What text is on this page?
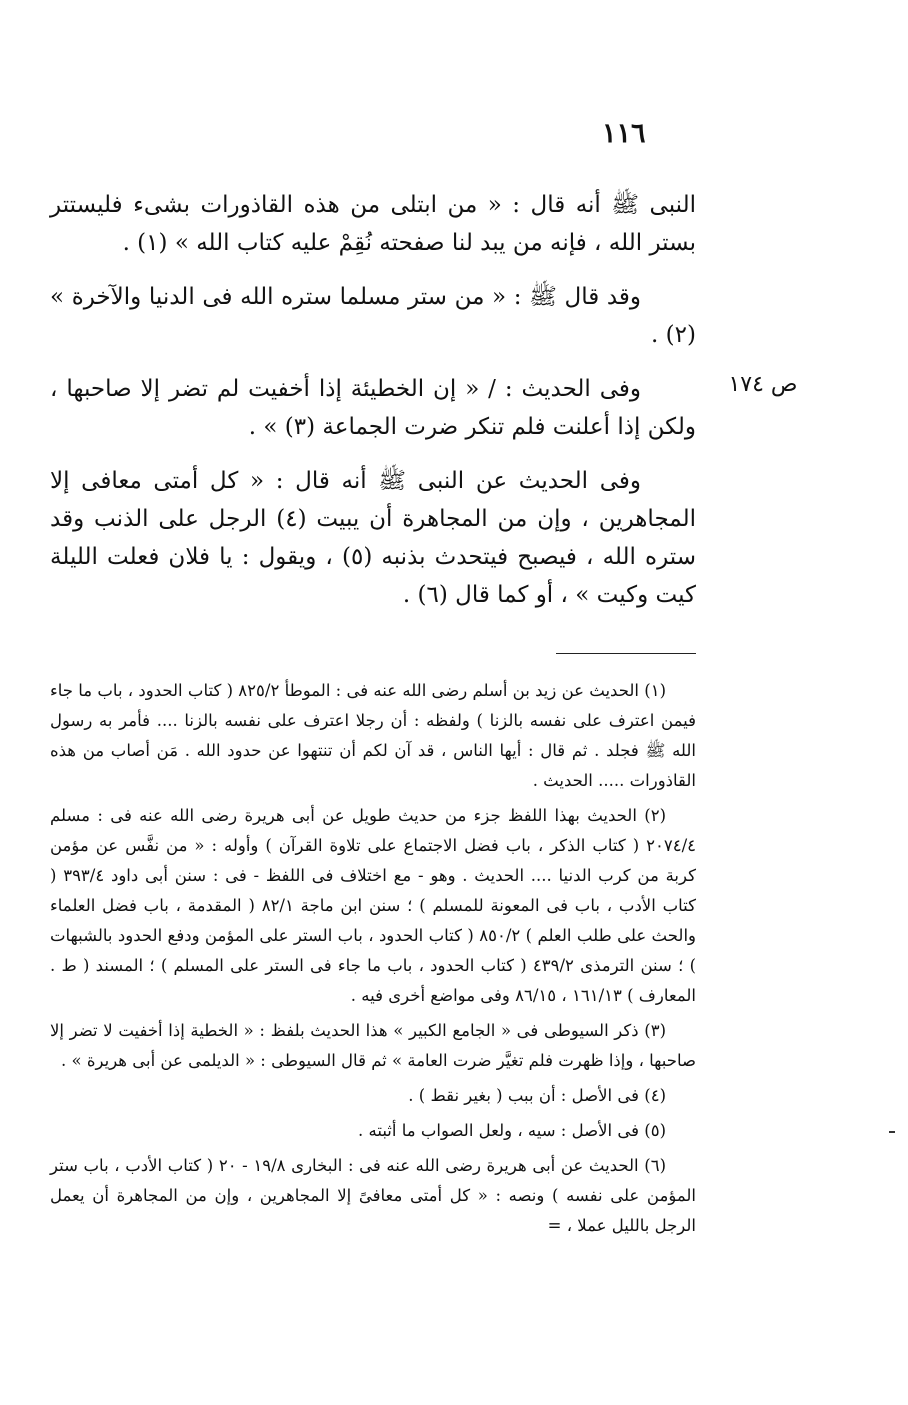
١١٦
ص ١٧٤

النبى ﷺ أنه قال : « من ابتلى من هذه القاذورات بشىء فليستتر بستر الله ، فإنه من يبد لنا صفحته نُقِمْ عليه كتاب الله » (١) .

وقد قال ﷺ : « من ستر مسلما ستره الله فى الدنيا والآخرة » (٢) .

وفى الحديث : / « إن الخطيئة إذا أخفيت لم تضر إلا صاحبها ، ولكن إذا أعلنت فلم تنكر ضرت الجماعة (٣) » .

وفى الحديث عن النبى ﷺ أنه قال : « كل أمتى معافى إلا المجاهرين ، وإن من المجاهرة أن يبيت (٤) الرجل على الذنب وقد ستره الله ، فيصبح فيتحدث بذنبه (٥) ، ويقول : يا فلان فعلت الليلة كيت وكيت » ، أو كما قال (٦) .

(١) الحديث عن زيد بن أسلم رضى الله عنه فى : الموطأ ٨٢٥/٢ ( كتاب الحدود ، باب ما جاء فيمن اعترف على نفسه بالزنا ) ولفظه : أن رجلا اعترف على نفسه بالزنا .... فأمر به رسول الله ﷺ فجلد . ثم قال : أيها الناس ، قد آن لكم أن تنتهوا عن حدود الله . مَن أصاب من هذه القاذورات ..... الحديث .

(٢) الحديث بهذا اللفظ جزء من حديث طويل عن أبى هريرة رضى الله عنه فى : مسلم ٢٠٧٤/٤ ( كتاب الذكر ، باب فضل الاجتماع على تلاوة القرآن ) وأوله : « من نفَّس عن مؤمن كربة من كرب الدنيا .... الحديث . وهو - مع اختلاف فى اللفظ - فى : سنن أبى داود ٣٩٣/٤ ( كتاب الأدب ، باب فى المعونة للمسلم ) ؛ سنن ابن ماجة ٨٢/١ ( المقدمة ، باب فضل العلماء والحث على طلب العلم ) ٨٥٠/٢ ( كتاب الحدود ، باب الستر على المؤمن ودفع الحدود بالشبهات ) ؛ سنن الترمذى ٤٣٩/٢ ( كتاب الحدود ، باب ما جاء فى الستر على المسلم ) ؛ المسند ( ط . المعارف ) ١٦١/١٣ ، ٨٦/١٥ وفى مواضع أخرى فيه .

(٣) ذكر السيوطى فى « الجامع الكبير » هذا الحديث بلفظ : « الخطية إذا أخفيت لا تضر إلا صاحبها ، وإذا ظهرت فلم تغيَّر ضرت العامة » ثم قال السيوطى : « الديلمى عن أبى هريرة » .

(٤) فى الأصل : أن ببب ( بغير نقط ) .

(٥) فى الأصل : سيه ، ولعل الصواب ما أثبته .

(٦) الحديث عن أبى هريرة رضى الله عنه فى : البخارى ١٩/٨ - ٢٠ ( كتاب الأدب ، باب ستر المؤمن على نفسه ) ونصه : « كل أمتى معافىً إلا المجاهرين ، وإن من المجاهرة أن يعمل الرجل بالليل عملا ، =
